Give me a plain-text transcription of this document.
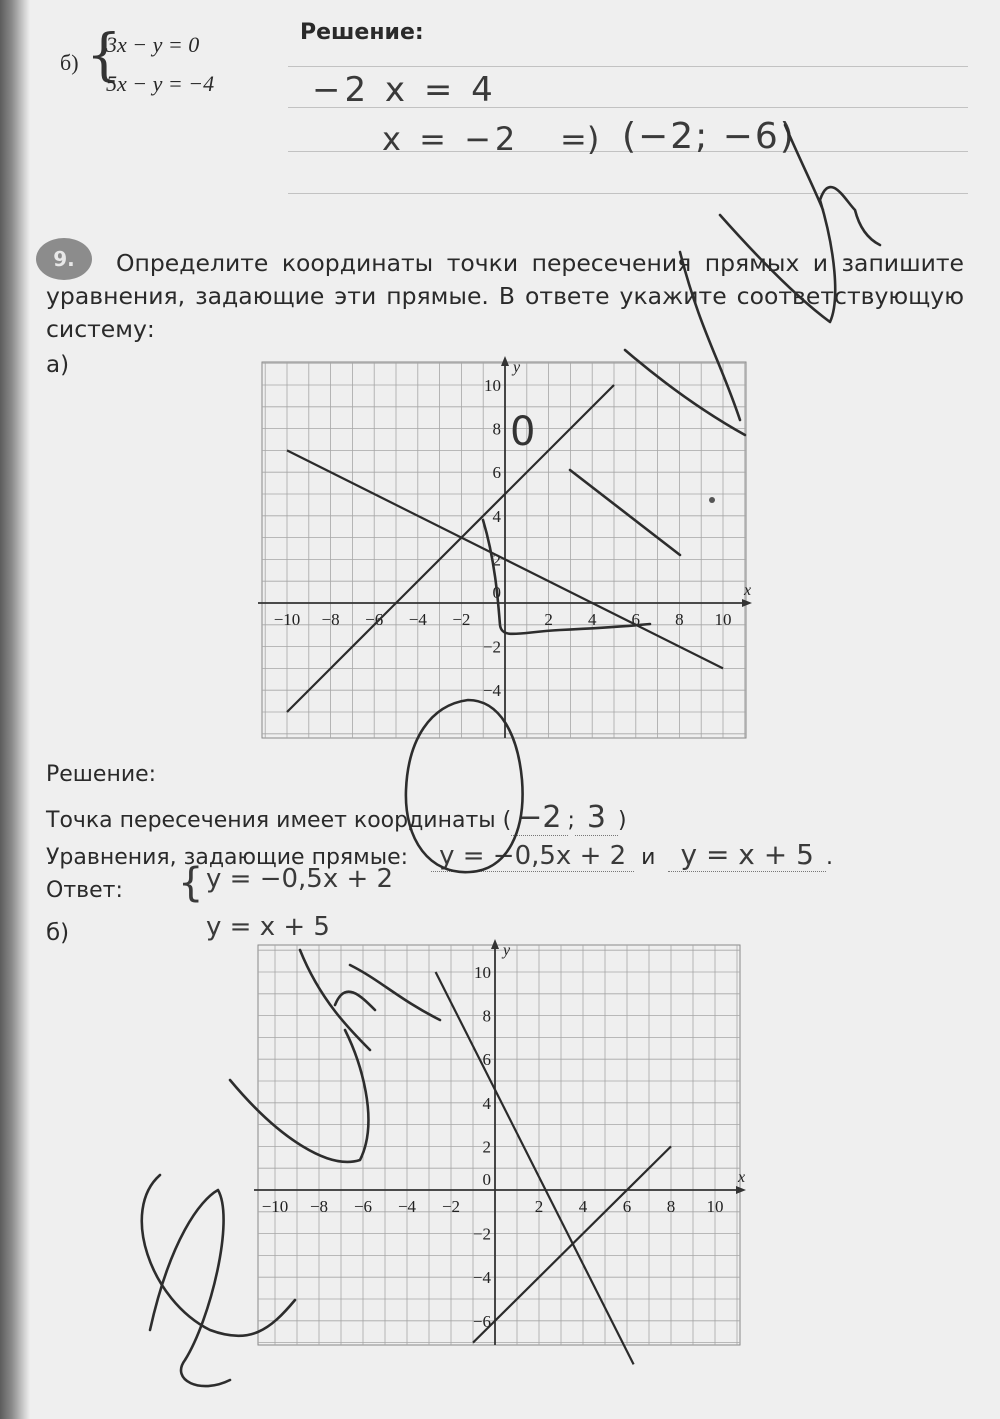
б) {
3x − y = 0
5x − y = −4
Решение:
−2 x = 4
x = −2 =) (−2; −6)
9.	Определите координаты точки пересечения прямых и запишите уравнения, задающие эти прямые. В ответе укажите соответствующую систему:
а)
x
y
−10 −8 −6 −4 −2	2 4 6 8 10
−4
−2
2
4
6
8
10
0
Решение:
Точка пересечения имеет координаты ( −2 ; 3 )
Уравнения, задающие прямые: y = −0,5x + 2 и y = x + 5 .
Ответ: { y = −0,5x + 2
y = x + 5
б)
x
y
−10 −8 −6 −4 −2	2 4 6 8 10
−6
−4
−2
2
4
6
8
10
0
0
